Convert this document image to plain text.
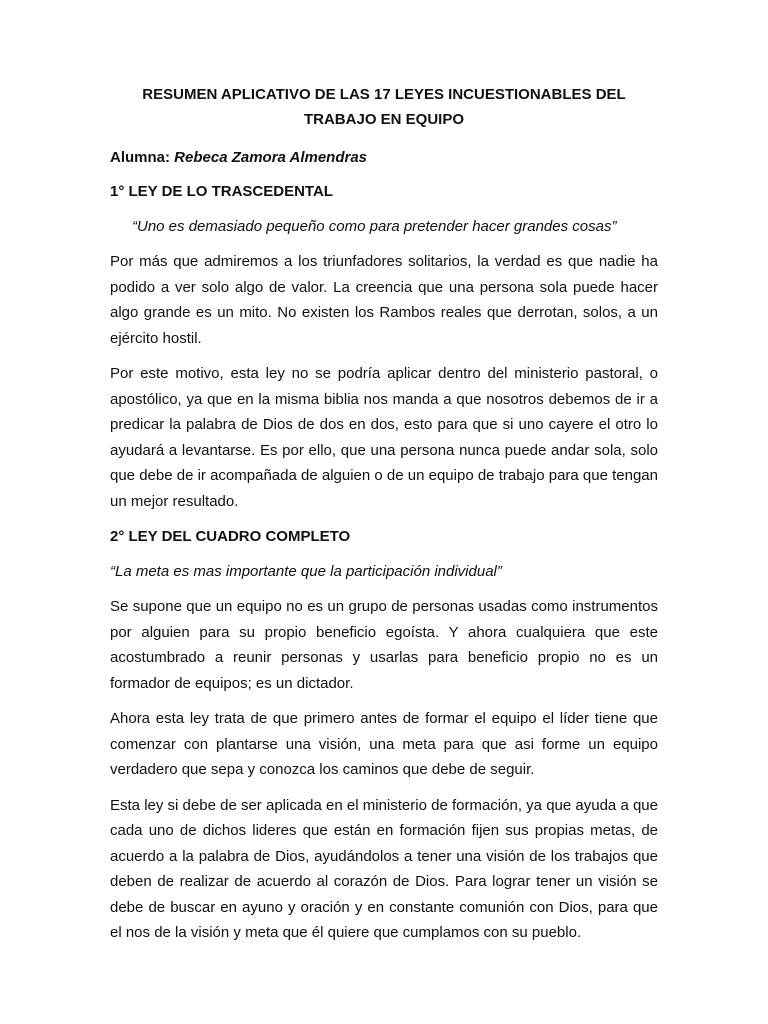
RESUMEN APLICATIVO DE LAS 17 LEYES INCUESTIONABLES DEL TRABAJO EN EQUIPO
Alumna: Rebeca Zamora Almendras
1° LEY DE LO TRASCEDENTAL
“Uno es demasiado pequeño como para pretender hacer grandes cosas”
Por más que admiremos a los triunfadores solitarios, la verdad es que nadie ha podido a ver solo algo de valor. La creencia que una persona sola puede hacer algo grande es un mito. No existen los Rambos reales que derrotan, solos, a un ejército hostil.
Por este motivo, esta ley no se podría aplicar dentro del ministerio pastoral, o apostólico, ya que en la misma biblia nos manda a que nosotros debemos de ir a predicar la palabra de Dios de dos en dos, esto para que si uno cayere el otro lo ayudará a levantarse. Es por ello, que una persona nunca puede andar sola, solo que debe de ir acompañada de alguien o de un equipo de trabajo para que tengan un mejor resultado.
2° LEY DEL CUADRO COMPLETO
“La meta es mas importante que la participación individual”
Se supone que un equipo no es un grupo de personas usadas como instrumentos por alguien para su propio beneficio egoísta. Y ahora cualquiera que este acostumbrado a reunir personas y usarlas para beneficio propio no es un formador de equipos; es un dictador.
Ahora esta ley trata de que primero antes de formar el equipo el líder tiene que comenzar con plantarse una visión, una meta para que asi forme un equipo verdadero que sepa y conozca los caminos que debe de seguir.
Esta ley si debe de ser aplicada en el ministerio de formación, ya que ayuda a que cada uno de dichos lideres que están en formación fijen sus propias metas, de acuerdo a la palabra de Dios, ayudándolos a tener una visión de los trabajos que deben de realizar de acuerdo al corazón de Dios. Para lograr tener un visión se debe de buscar en ayuno y oración y en constante comunión con Dios, para que el nos de la visión y meta que él quiere que cumplamos con su pueblo.
